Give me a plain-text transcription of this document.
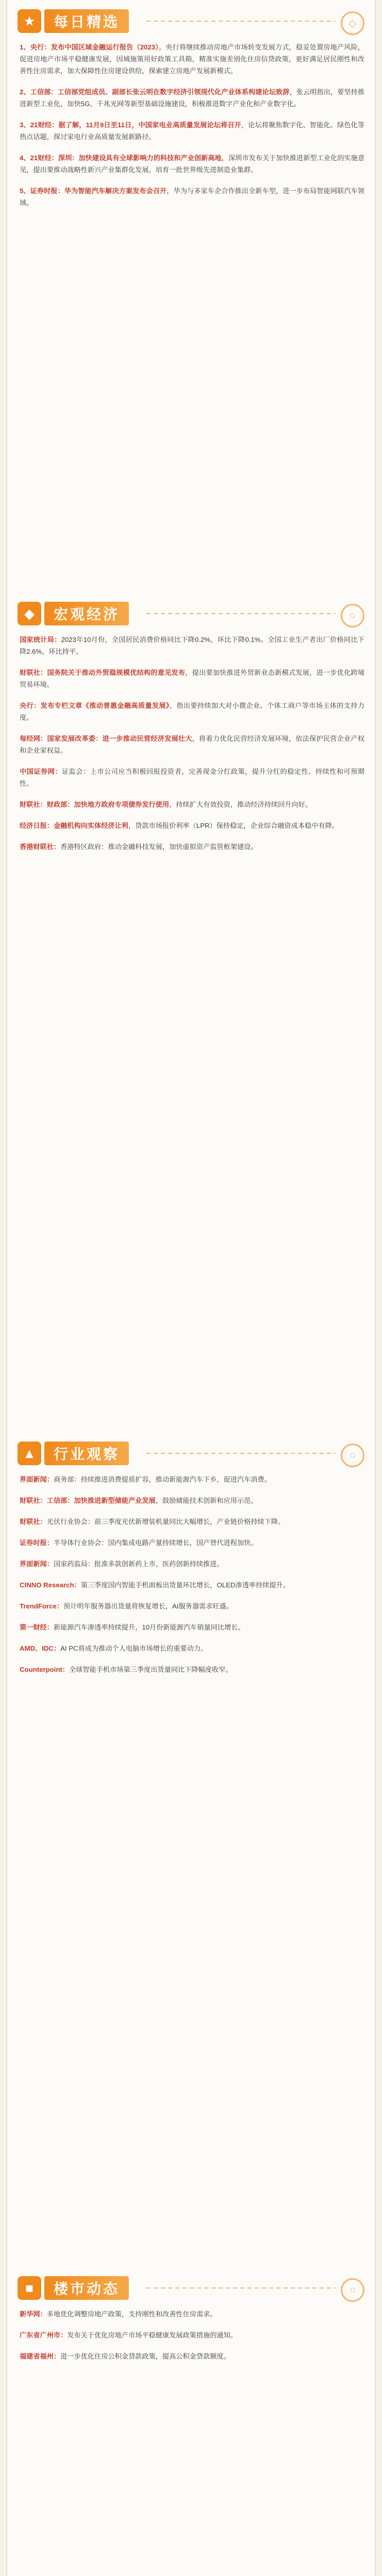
★	每日精选	◇
1、央行：发布中国区域金融运行报告（2023）。央行将继续推动房地产市场转变发展方式，稳妥处置房地产风险，促进房地产市场平稳健康发展，因城施策用好政策工具箱，精准实施差别化住房信贷政策，更好满足居民刚性和改善性住房需求，加大保障性住房建设供给，探索建立房地产发展新模式。
2、工信部：工信部党组成员、副部长张云明在数字经济引领现代化产业体系构建论坛致辞，张云明指出，要坚持推进新型工业化，加快5G、千兆光网等新型基础设施建设，积极推进数字产业化和产业数字化。
3、21财经：据了解，11月9日至11日，中国家电业高质量发展论坛将召开，论坛将聚焦数字化、智能化、绿色化等热点话题，探讨家电行业高质量发展新路径。
4、21财经：深圳：加快建设具有全球影响力的科技和产业创新高地，深圳市发布关于加快推进新型工业化的实施意见，提出要推动战略性新兴产业集群化发展，培育一批世界级先进制造业集群。
5、证券时报：华为智能汽车解决方案发布会召开，华为与多家车企合作推出全新车型，进一步布局智能网联汽车领域。
◆	宏观经济	○
国家统计局：2023年10月份，全国居民消费价格同比下降0.2%，环比下降0.1%。全国工业生产者出厂价格同比下降2.6%，环比持平。
财联社：国务院关于推动外贸稳规模优结构的意见发布，提出要加快推进外贸新业态新模式发展，进一步优化跨境贸易环境。
央行：发布专栏文章《推动普惠金融高质量发展》，指出要持续加大对小微企业、个体工商户等市场主体的支持力度。
每经网：国家发展改革委：进一步推动民营经济发展壮大，将着力优化民营经济发展环境，依法保护民营企业产权和企业家权益。
中国证券网：证监会：上市公司应当积极回报投资者，完善现金分红政策，提升分红的稳定性、持续性和可预期性。
财联社：财政部：加快地方政府专项债券发行使用，持续扩大有效投资，推动经济持续回升向好。
经济日报：金融机构向实体经济让利，贷款市场报价利率（LPR）保持稳定，企业综合融资成本稳中有降。
香港财联社：香港特区政府：推动金融科技发展，加快虚拟资产监管框架建设。
▲	行业观察	○
界面新闻：商务部：持续推进消费提质扩容，推动新能源汽车下乡，促进汽车消费。
财联社：工信部：加快推进新型储能产业发展，鼓励储能技术创新和应用示范。
财联社：光伏行业协会：前三季度光伏新增装机量同比大幅增长，产业链价格持续下降。
证券时报：半导体行业协会：国内集成电路产量持续增长，国产替代进程加快。
界面新闻：国家药监局：批准多款创新药上市，医药创新持续推进。
CINNO Research：第三季度国内智能手机面板出货量环比增长，OLED渗透率持续提升。
TrendForce：预计明年服务器出货量将恢复增长，AI服务器需求旺盛。
第一财经：新能源汽车渗透率持续提升，10月份新能源汽车销量同比增长。
AMD、IDC：AI PC将成为推动个人电脑市场增长的重要动力。
Counterpoint：全球智能手机市场第三季度出货量同比下降幅度收窄。
■	楼市动态	○
新华网：多地优化调整房地产政策，支持刚性和改善性住房需求。
广东省广州市：发布关于优化房地产市场平稳健康发展政策措施的通知。
福建省福州：进一步优化住房公积金贷款政策，提高公积金贷款额度。
